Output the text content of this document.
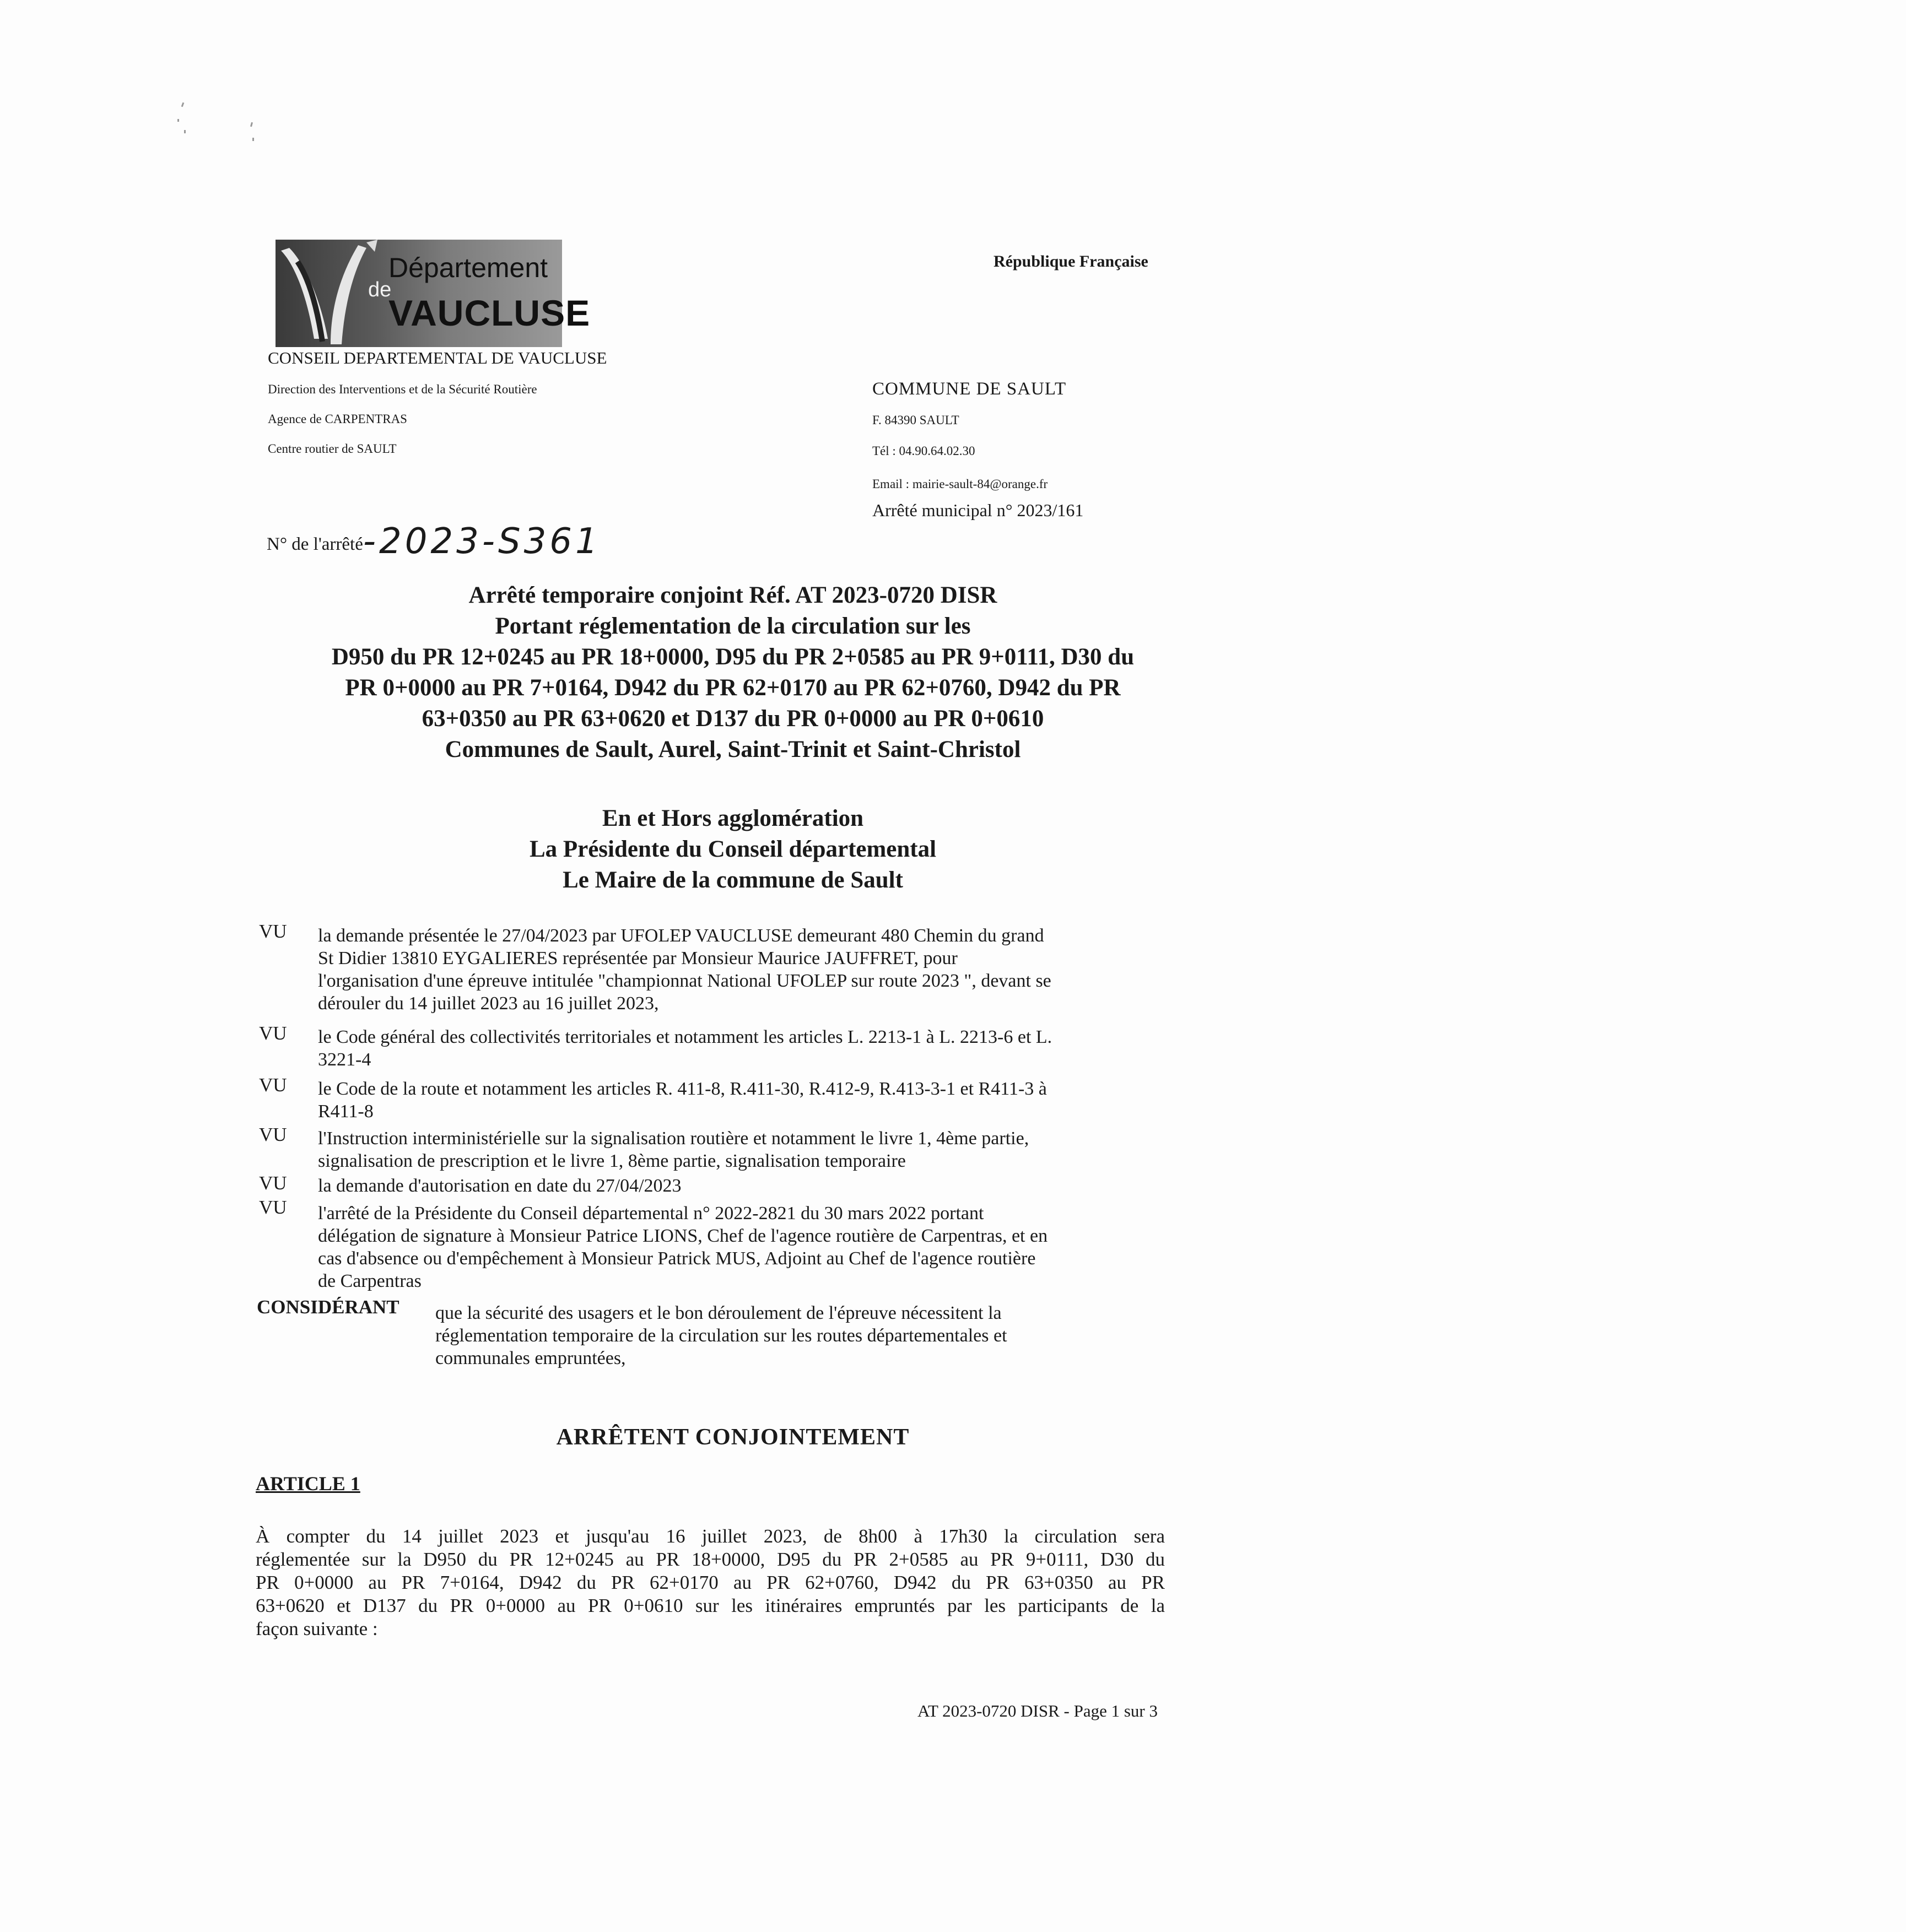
de
Département
VAUCLUSE
République Française
CONSEIL DEPARTEMENTAL DE VAUCLUSE
Direction des Interventions et de la Sécurité Routière
Agence de CARPENTRAS
Centre routier de SAULT
N° de l'arrêté-2023-S361
COMMUNE DE SAULT
F. 84390 SAULT
Tél : 04.90.64.02.30
Email : mairie-sault-84@orange.fr
Arrêté municipal n° 2023/161
Arrêté temporaire conjoint Réf. AT 2023-0720 DISR
Portant réglementation de la circulation sur les
D950 du PR 12+0245 au PR 18+0000, D95 du PR 2+0585 au PR 9+0111, D30 du
PR 0+0000 au PR 7+0164, D942 du PR 62+0170 au PR 62+0760, D942 du PR
63+0350 au PR 63+0620 et D137 du PR 0+0000 au PR 0+0610
Communes de Sault, Aurel, Saint-Trinit et Saint-Christol
En et Hors agglomération
La Présidente du Conseil départemental
Le Maire de la commune de Sault
VU la demande présentée le 27/04/2023 par UFOLEP VAUCLUSE demeurant 480 Chemin du grand
St Didier 13810 EYGALIERES représentée par Monsieur Maurice JAUFFRET, pour
l'organisation d'une épreuve intitulée "championnat National UFOLEP sur route 2023 ", devant se
dérouler du 14 juillet 2023 au 16 juillet 2023,
VU le Code général des collectivités territoriales et notamment les articles L. 2213-1 à L. 2213-6 et L.
3221-4
VU le Code de la route et notamment les articles R. 411-8, R.411-30, R.412-9, R.413-3-1 et R411-3 à
R411-8
VU l'Instruction interministérielle sur la signalisation routière et notamment le livre 1, 4ème partie,
signalisation de prescription et le livre 1, 8ème partie, signalisation temporaire
VU la demande d'autorisation en date du 27/04/2023
VU l'arrêté de la Présidente du Conseil départemental n° 2022-2821 du 30 mars 2022 portant
délégation de signature à Monsieur Patrice LIONS, Chef de l'agence routière de Carpentras, et en
cas d'absence ou d'empêchement à Monsieur Patrick MUS, Adjoint au Chef de l'agence routière
de Carpentras
CONSIDÉRANT que la sécurité des usagers et le bon déroulement de l'épreuve nécessitent la
réglementation temporaire de la circulation sur les routes départementales et
communales empruntées,
ARRÊTENT CONJOINTEMENT
ARTICLE 1
À compter du 14 juillet 2023 et jusqu'au 16 juillet 2023, de 8h00 à 17h30 la circulation sera
réglementée sur la D950 du PR 12+0245 au PR 18+0000, D95 du PR 2+0585 au PR 9+0111, D30 du
PR 0+0000 au PR 7+0164, D942 du PR 62+0170 au PR 62+0760, D942 du PR 63+0350 au PR
63+0620 et D137 du PR 0+0000 au PR 0+0610 sur les itinéraires empruntés par les participants de la
façon suivante :
AT 2023-0720 DISR - Page 1 sur 3
